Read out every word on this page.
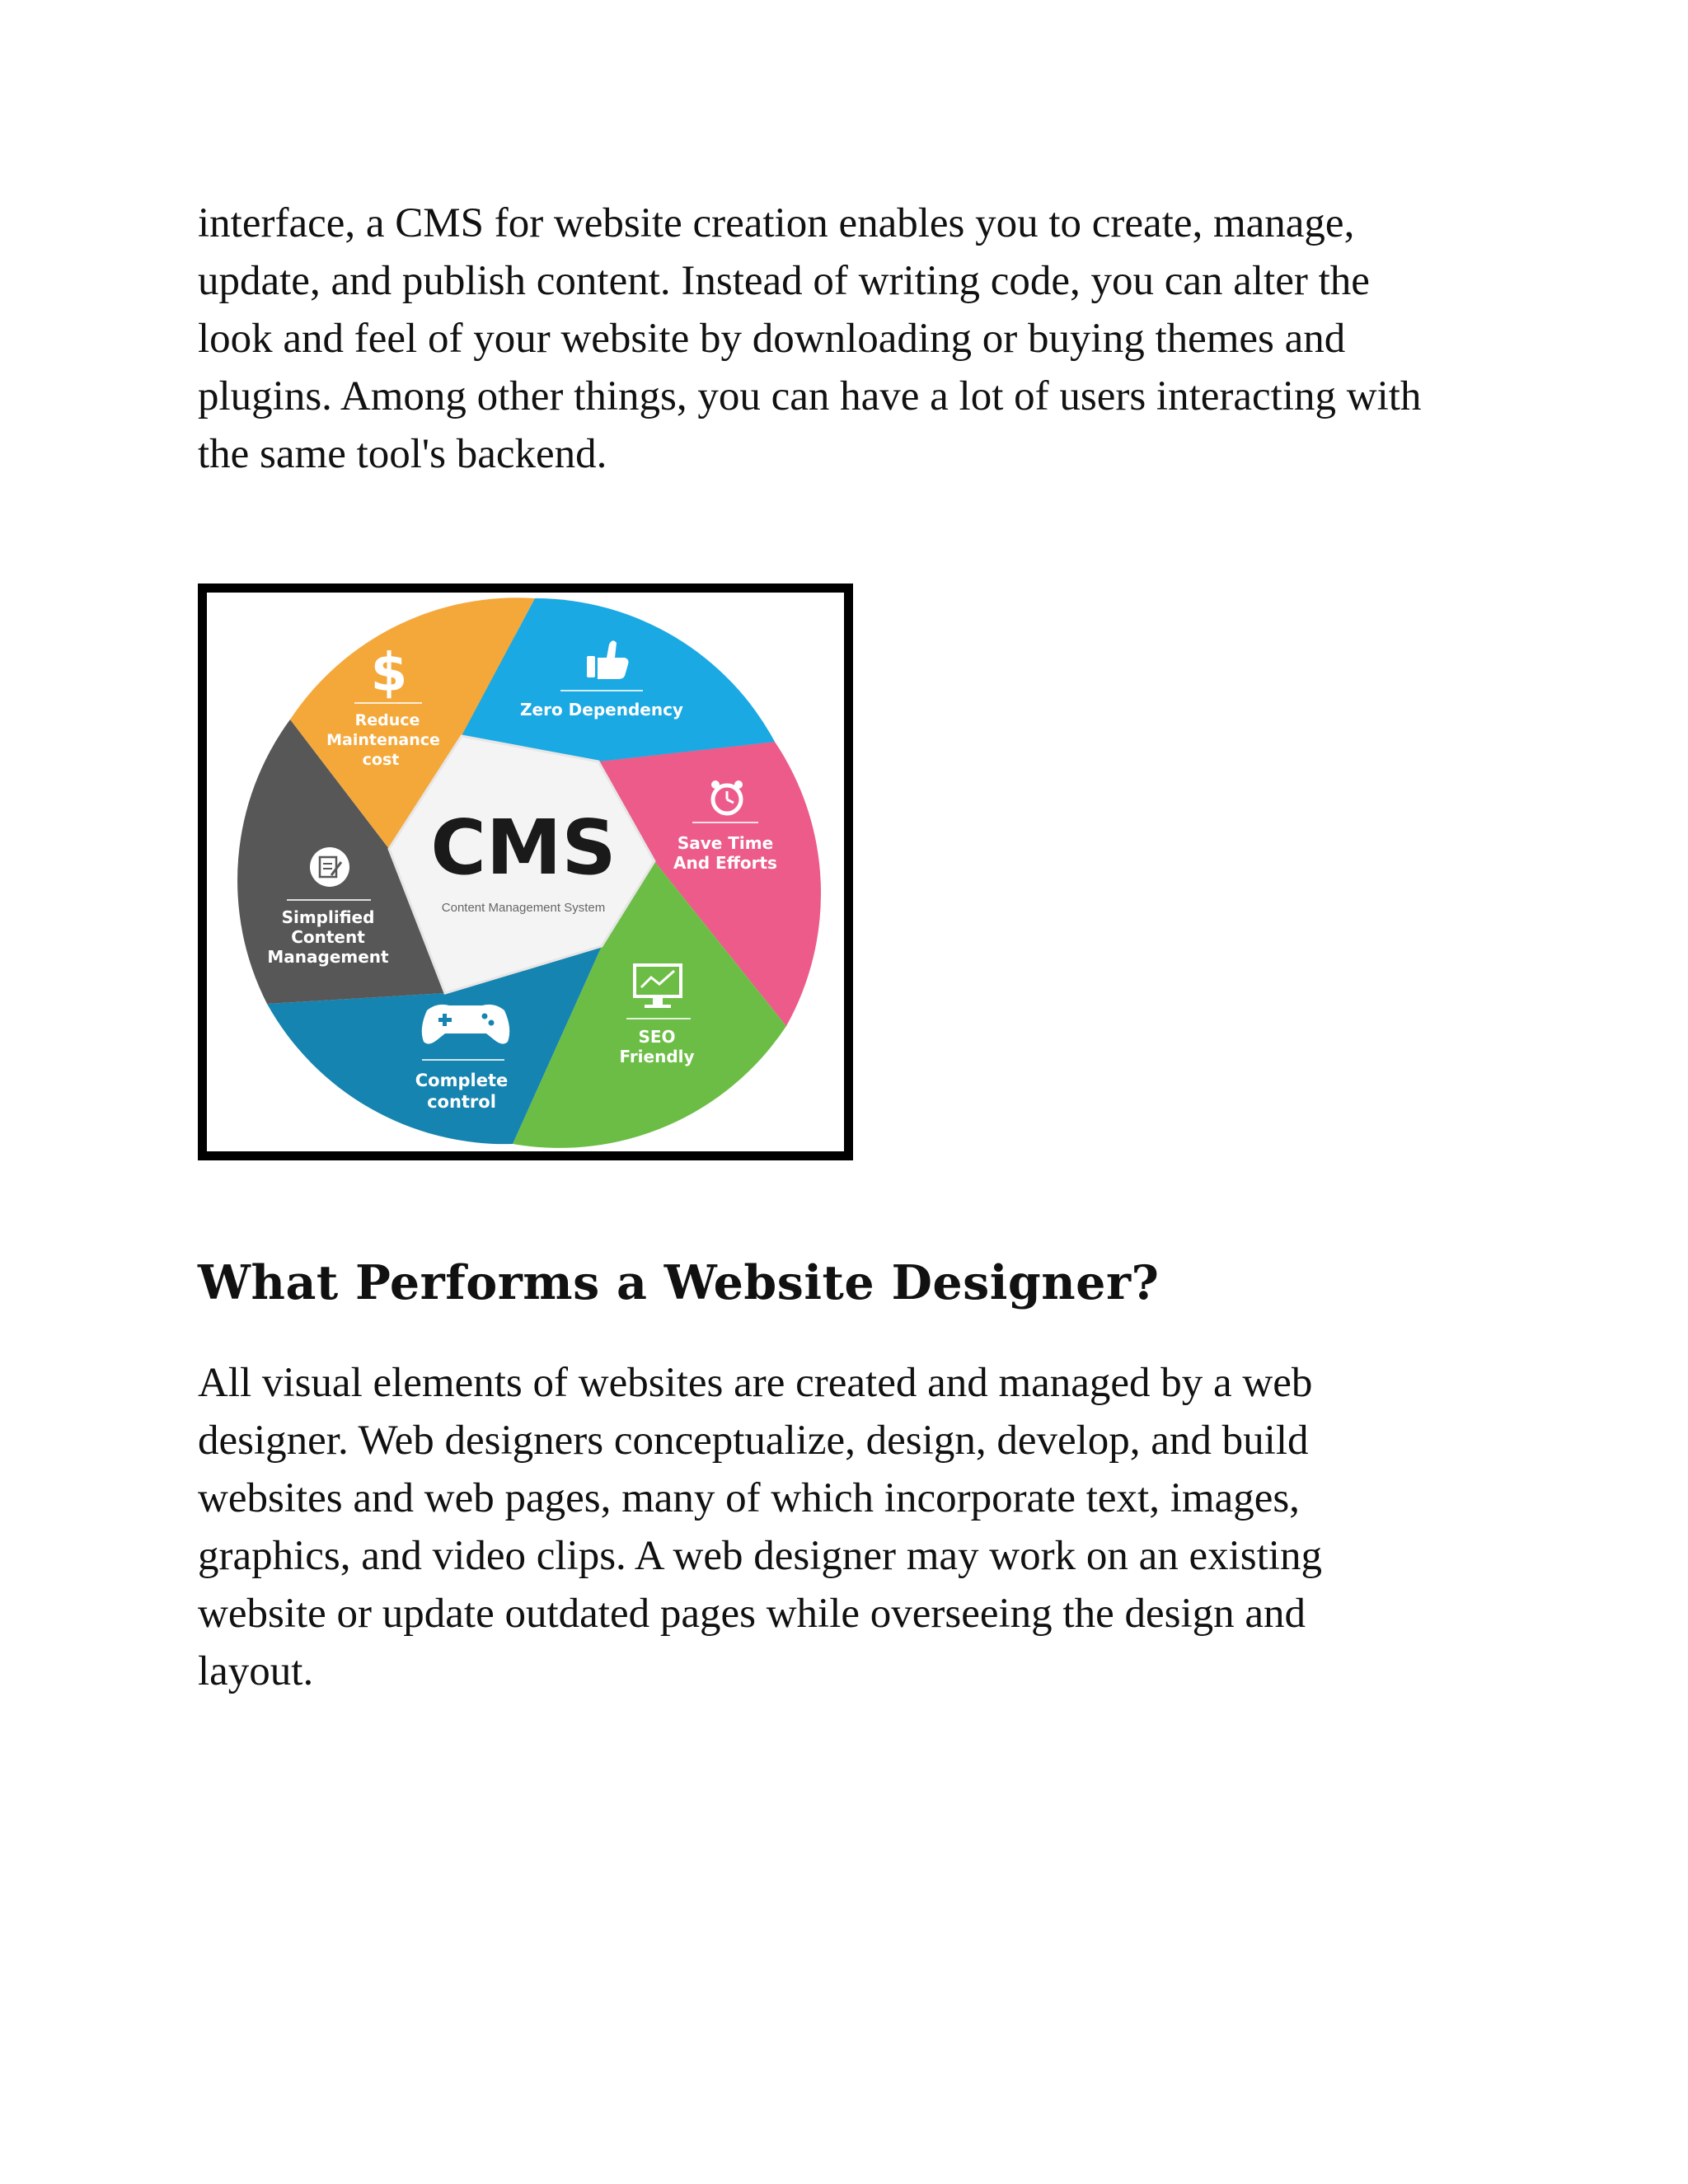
interface, a CMS for website creation enables you to create, manage,
update, and publish content. Instead of writing code, you can alter the
look and feel of your website by downloading or buying themes and
plugins. Among other things, you can have a lot of users interacting with
the same tool's backend.

CMS
Content Management System
$
Reduce
Maintenance
cost
Zero Dependency
Save Time
And Efforts
SEO
Friendly
Complete
control
Simplified
Content
Management
What Performs a Website Designer?

All visual elements of websites are created and managed by a web
designer. Web designers conceptualize, design, develop, and build
websites and web pages, many of which incorporate text, images,
graphics, and video clips. A web designer may work on an existing
website or update outdated pages while overseeing the design and
layout.
